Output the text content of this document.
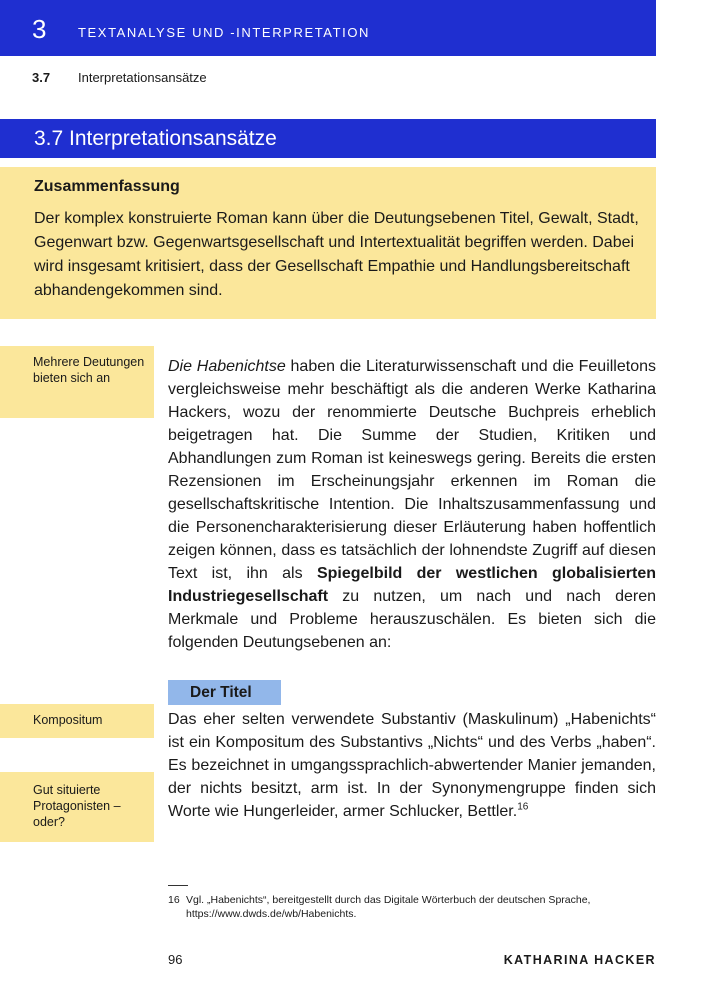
3 TEXTANALYSE UND -INTERPRETATION
3.7 Interpretationsansätze
3.7 Interpretationsansätze
Zusammenfassung
Der komplex konstruierte Roman kann über die Deutungsebenen Titel, Gewalt, Stadt, Gegenwart bzw. Gegenwartsgesellschaft und Intertextualität begriffen werden. Dabei wird insgesamt kritisiert, dass der Gesellschaft Empathie und Handlungsbereitschaft abhandengekommen sind.
Mehrere Deutungen bieten sich an
Kompositum
Gut situierte Protagonisten – oder?
Die Habenichtse haben die Literaturwissenschaft und die Feuilletons vergleichsweise mehr beschäftigt als die anderen Werke Katharina Hackers, wozu der renommierte Deutsche Buchpreis erheblich beigetragen hat. Die Summe der Studien, Kritiken und Abhandlungen zum Roman ist keineswegs gering. Bereits die ersten Rezensionen im Erscheinungsjahr erkennen im Roman die gesellschaftskritische Intention. Die Inhaltszusammenfassung und die Personencharakterisierung dieser Erläuterung haben hoffentlich zeigen können, dass es tatsächlich der lohnendste Zugriff auf diesen Text ist, ihn als Spiegelbild der westlichen globalisierten Industriegesellschaft zu nutzen, um nach und nach deren Merkmale und Probleme herauszuschälen. Es bieten sich die folgenden Deutungsebenen an:
Der Titel
Das eher selten verwendete Substantiv (Maskulinum) „Habenichts“ ist ein Kompositum des Substantivs „Nichts“ und des Verbs „haben“. Es bezeichnet in umgangssprachlich-abwertender Manier jemanden, der nichts besitzt, arm ist. In der Synonymengruppe finden sich Worte wie Hungerleider, armer Schlucker, Bettler.$^{16}$
16 Vgl. „Habenichts“, bereitgestellt durch das Digitale Wörterbuch der deutschen Sprache, https://www.dwds.de/wb/Habenichts.
96	KATHARINA HACKER
